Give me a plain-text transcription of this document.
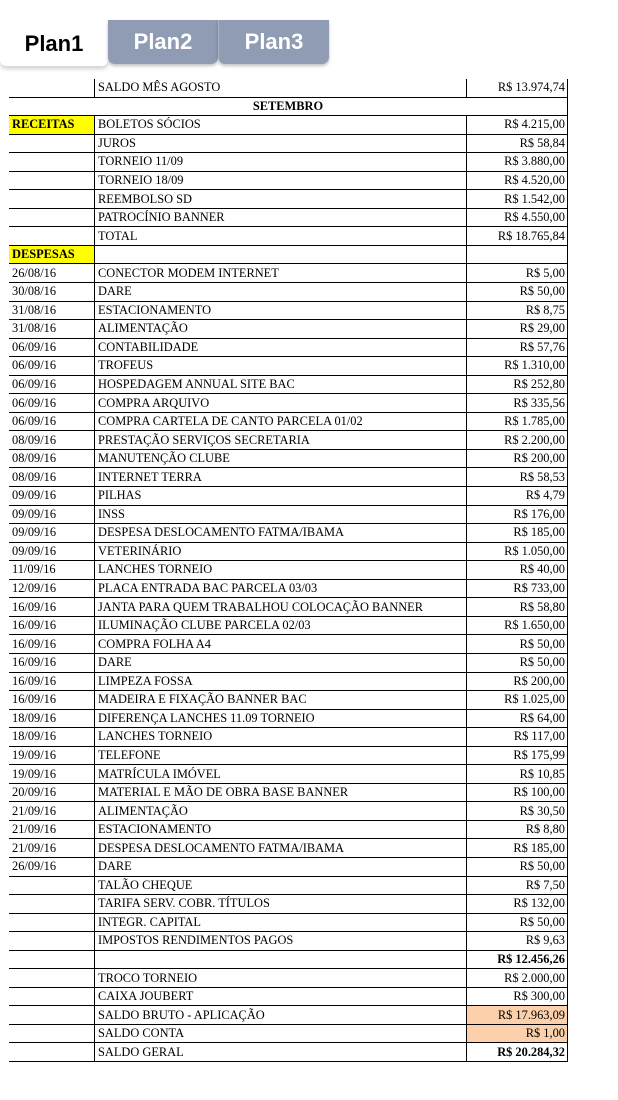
Plan1	Plan2	Plan3
	SALDO MÊS AGOSTO	R$ 13.974,74
SETEMBRO		
RECEITAS	BOLETOS SÓCIOS	R$ 4.215,00
	JUROS	R$ 58,84
	TORNEIO 11/09	R$ 3.880,00
	TORNEIO 18/09	R$ 4.520,00
	REEMBOLSO SD	R$ 1.542,00
	PATROCÍNIO BANNER	R$ 4.550,00
	TOTAL	R$ 18.765,84
DESPESAS		
26/08/16	CONECTOR MODEM INTERNET	R$ 5,00
30/08/16	DARE	R$ 50,00
31/08/16	ESTACIONAMENTO	R$ 8,75
31/08/16	ALIMENTAÇÃO	R$ 29,00
06/09/16	CONTABILIDADE	R$ 57,76
06/09/16	TROFEUS	R$ 1.310,00
06/09/16	HOSPEDAGEM ANNUAL SITE BAC	R$ 252,80
06/09/16	COMPRA ARQUIVO	R$ 335,56
06/09/16	COMPRA CARTELA DE CANTO PARCELA 01/02	R$ 1.785,00
08/09/16	PRESTAÇÃO SERVIÇOS SECRETARIA	R$ 2.200,00
08/09/16	MANUTENÇÃO CLUBE	R$ 200,00
08/09/16	INTERNET TERRA	R$ 58,53
09/09/16	PILHAS	R$ 4,79
09/09/16	INSS	R$ 176,00
09/09/16	DESPESA DESLOCAMENTO FATMA/IBAMA	R$ 185,00
09/09/16	VETERINÁRIO	R$ 1.050,00
11/09/16	LANCHES TORNEIO	R$ 40,00
12/09/16	PLACA ENTRADA BAC PARCELA 03/03	R$ 733,00
16/09/16	JANTA PARA QUEM TRABALHOU COLOCAÇÃO BANNER	R$ 58,80
16/09/16	ILUMINAÇÃO CLUBE PARCELA 02/03	R$ 1.650,00
16/09/16	COMPRA FOLHA A4	R$ 50,00
16/09/16	DARE	R$ 50,00
16/09/16	LIMPEZA FOSSA	R$ 200,00
16/09/16	MADEIRA E FIXAÇÃO BANNER BAC	R$ 1.025,00
18/09/16	DIFERENÇA LANCHES 11.09 TORNEIO	R$ 64,00
18/09/16	LANCHES TORNEIO	R$ 117,00
19/09/16	TELEFONE	R$ 175,99
19/09/16	MATRÍCULA IMÓVEL	R$ 10,85
20/09/16	MATERIAL E MÃO DE OBRA BASE BANNER	R$ 100,00
21/09/16	ALIMENTAÇÃO	R$ 30,50
21/09/16	ESTACIONAMENTO	R$ 8,80
21/09/16	DESPESA DESLOCAMENTO FATMA/IBAMA	R$ 185,00
26/09/16	DARE	R$ 50,00
	TALÃO CHEQUE	R$ 7,50
	TARIFA SERV. COBR. TÍTULOS	R$ 132,00
	INTEGR. CAPITAL	R$ 50,00
	IMPOSTOS RENDIMENTOS PAGOS	R$ 9,63
		R$ 12.456,26
	TROCO TORNEIO	R$ 2.000,00
	CAIXA JOUBERT	R$ 300,00
	SALDO BRUTO - APLICAÇÃO	R$ 17.963,09
	SALDO CONTA	R$ 1,00
	SALDO GERAL	R$ 20.284,32
